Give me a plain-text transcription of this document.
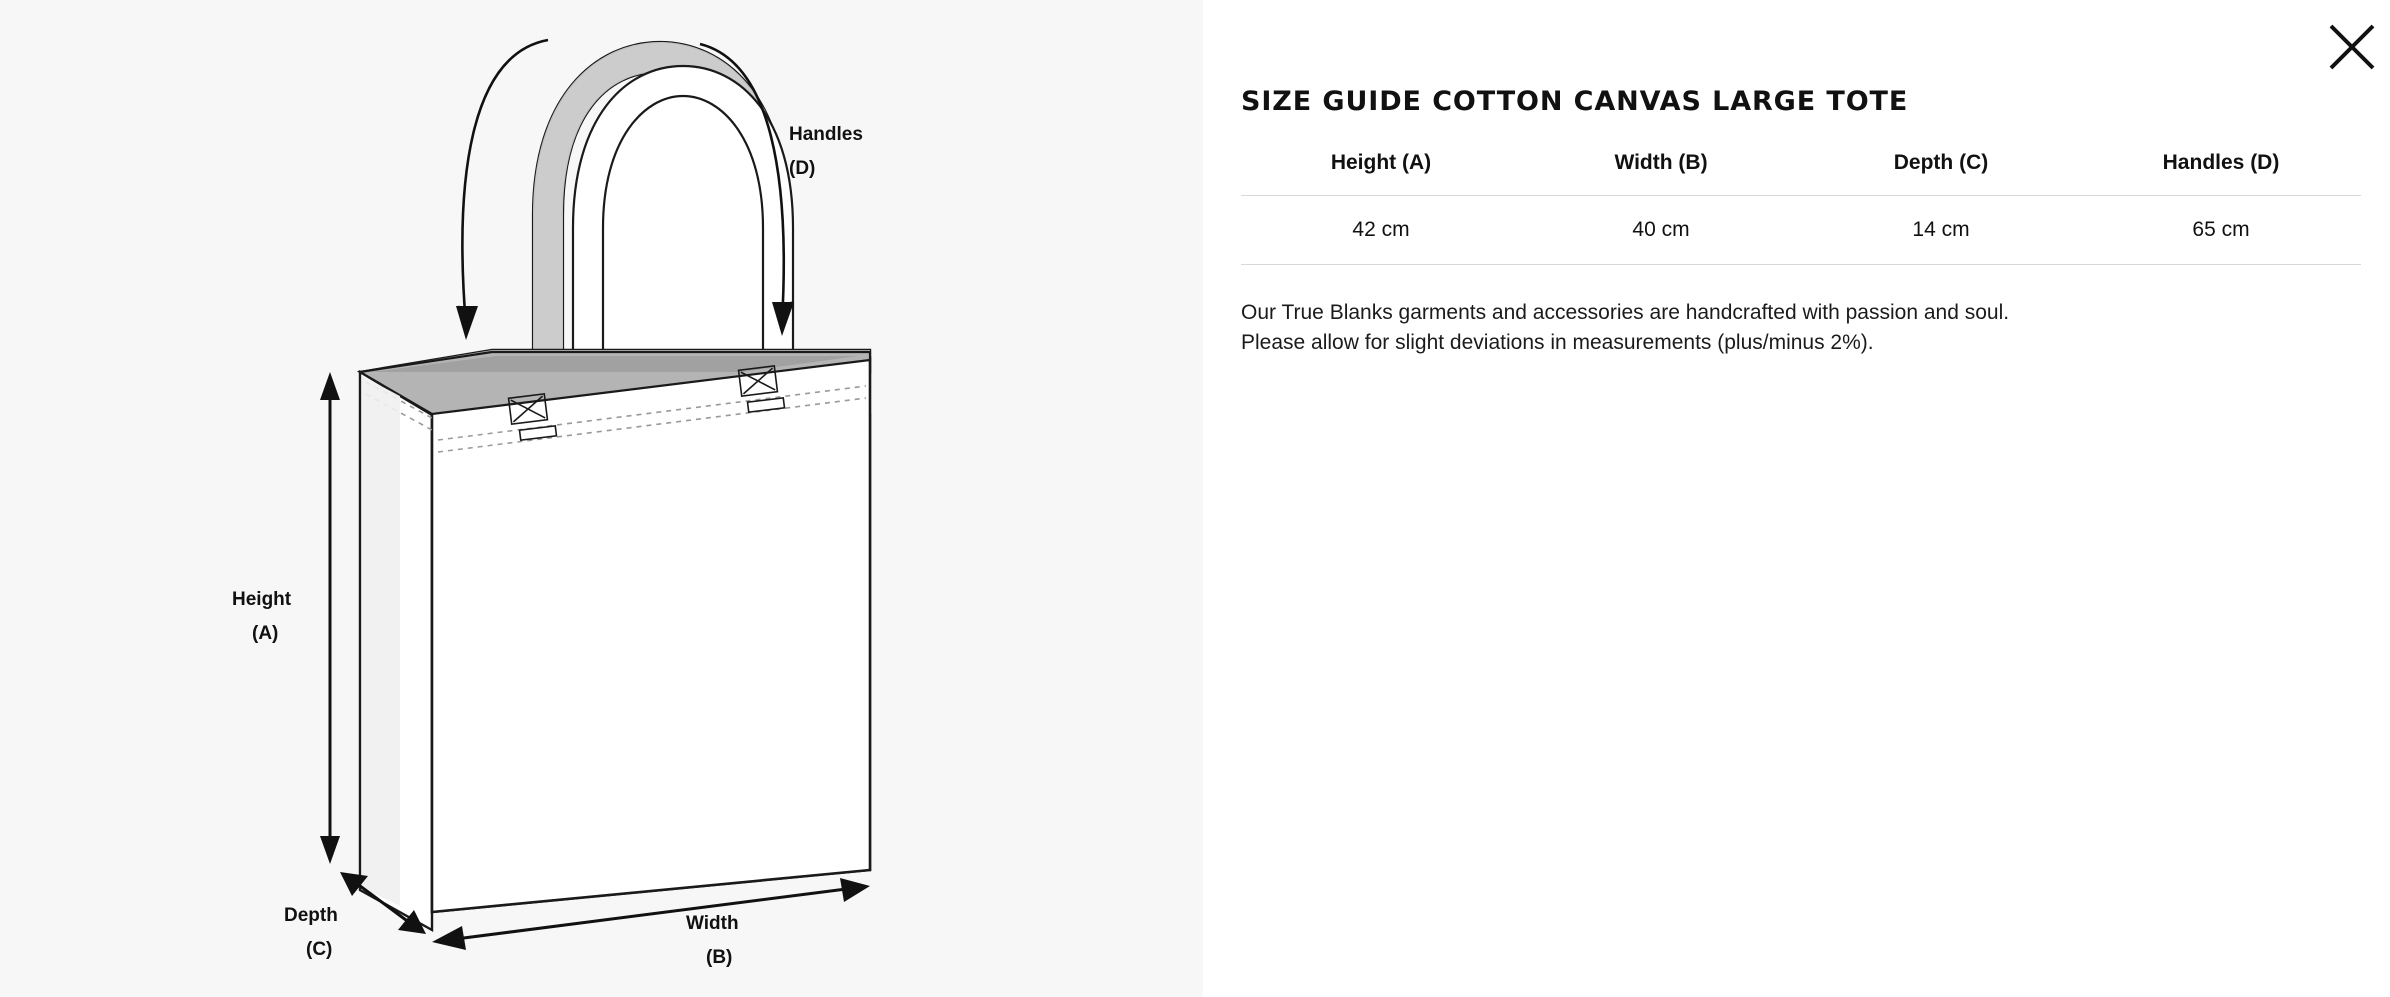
Handles
(D)
Height
(A)
Width
(B)
Depth
(C)
SIZE GUIDE COTTON CANVAS LARGE TOTE
Height (A)	Width (B)	Depth (C)	Handles (D)
42 cm	40 cm	14 cm	65 cm

Our True Blanks garments and accessories are handcrafted with passion and soul.

Please allow for slight deviations in measurements (plus/minus 2%).
